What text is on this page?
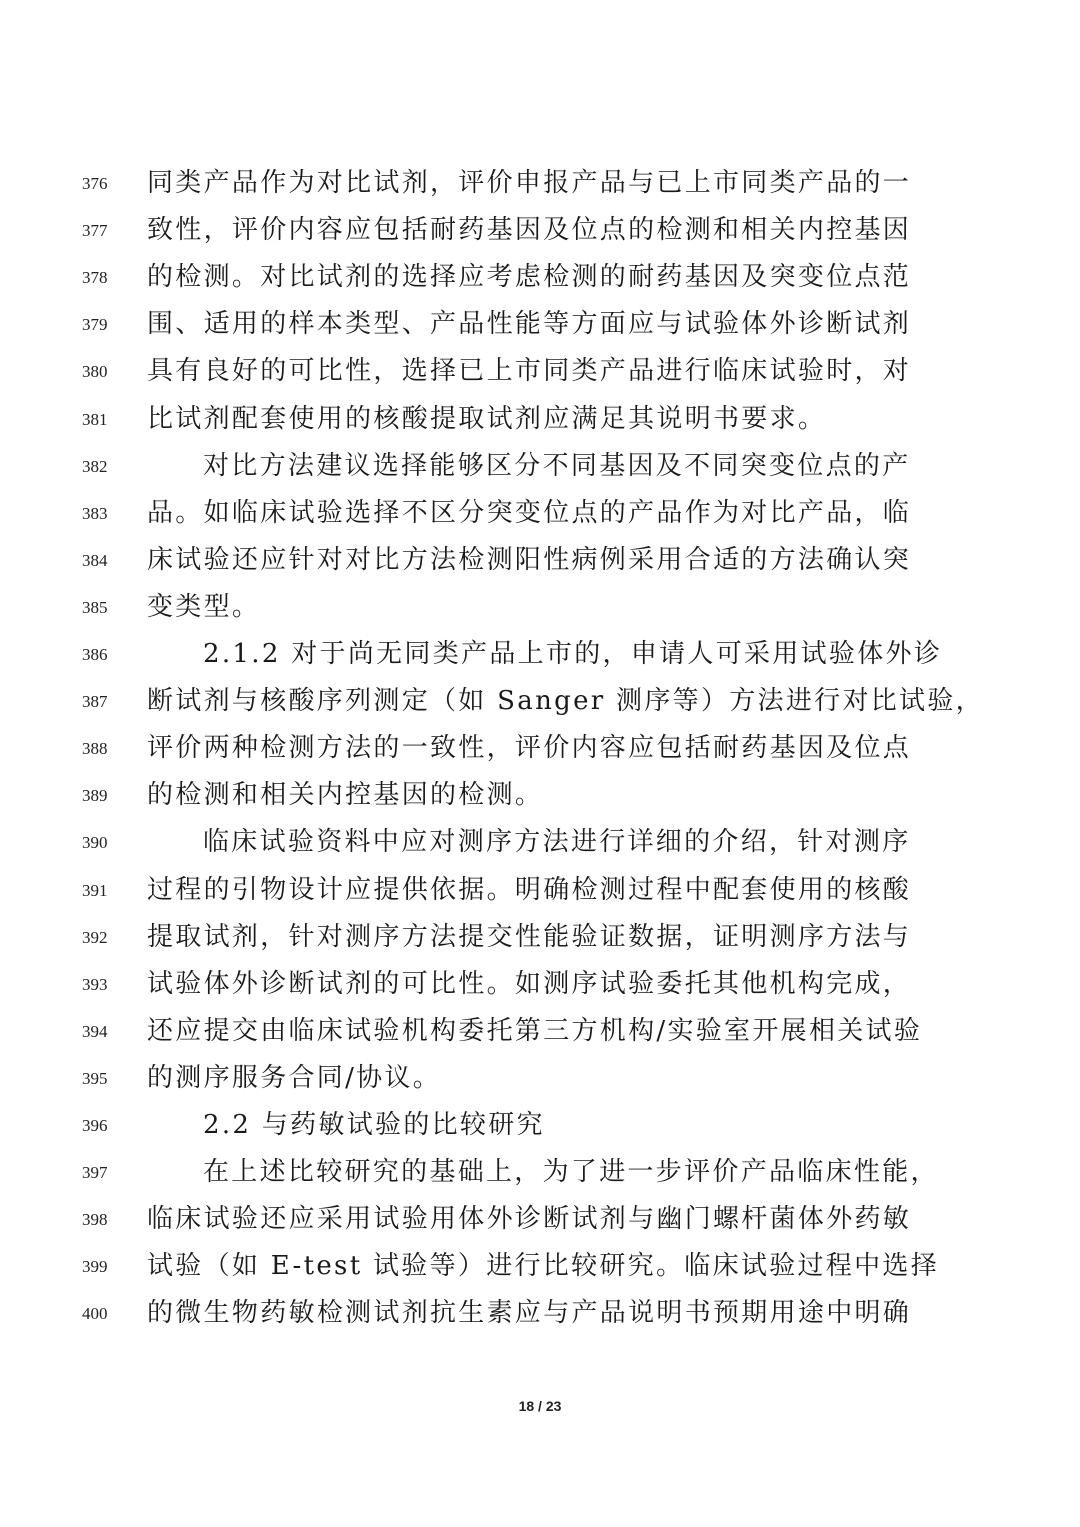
376	同类产品作为对比试剂，评价申报产品与已上市同类产品的一
377	致性，评价内容应包括耐药基因及位点的检测和相关内控基因
378	的检测。对比试剂的选择应考虑检测的耐药基因及突变位点范
379	围、适用的样本类型、产品性能等方面应与试验体外诊断试剂
380	具有良好的可比性，选择已上市同类产品进行临床试验时，对
381	比试剂配套使用的核酸提取试剂应满足其说明书要求。
382	对比方法建议选择能够区分不同基因及不同突变位点的产
383	品。如临床试验选择不区分突变位点的产品作为对比产品，临
384	床试验还应针对对比方法检测阳性病例采用合适的方法确认突
385	变类型。
386	2.1.2 对于尚无同类产品上市的，申请人可采用试验体外诊
387	断试剂与核酸序列测定（如 Sanger 测序等）方法进行对比试验，
388	评价两种检测方法的一致性，评价内容应包括耐药基因及位点
389	的检测和相关内控基因的检测。
390	临床试验资料中应对测序方法进行详细的介绍，针对测序
391	过程的引物设计应提供依据。明确检测过程中配套使用的核酸
392	提取试剂，针对测序方法提交性能验证数据，证明测序方法与
393	试验体外诊断试剂的可比性。如测序试验委托其他机构完成，
394	还应提交由临床试验机构委托第三方机构/实验室开展相关试验
395	的测序服务合同/协议。
396	2.2 与药敏试验的比较研究
397	在上述比较研究的基础上，为了进一步评价产品临床性能，
398	临床试验还应采用试验用体外诊断试剂与幽门螺杆菌体外药敏
399	试验（如 E-test 试验等）进行比较研究。临床试验过程中选择
400	的微生物药敏检测试剂抗生素应与产品说明书预期用途中明确
18 / 23
